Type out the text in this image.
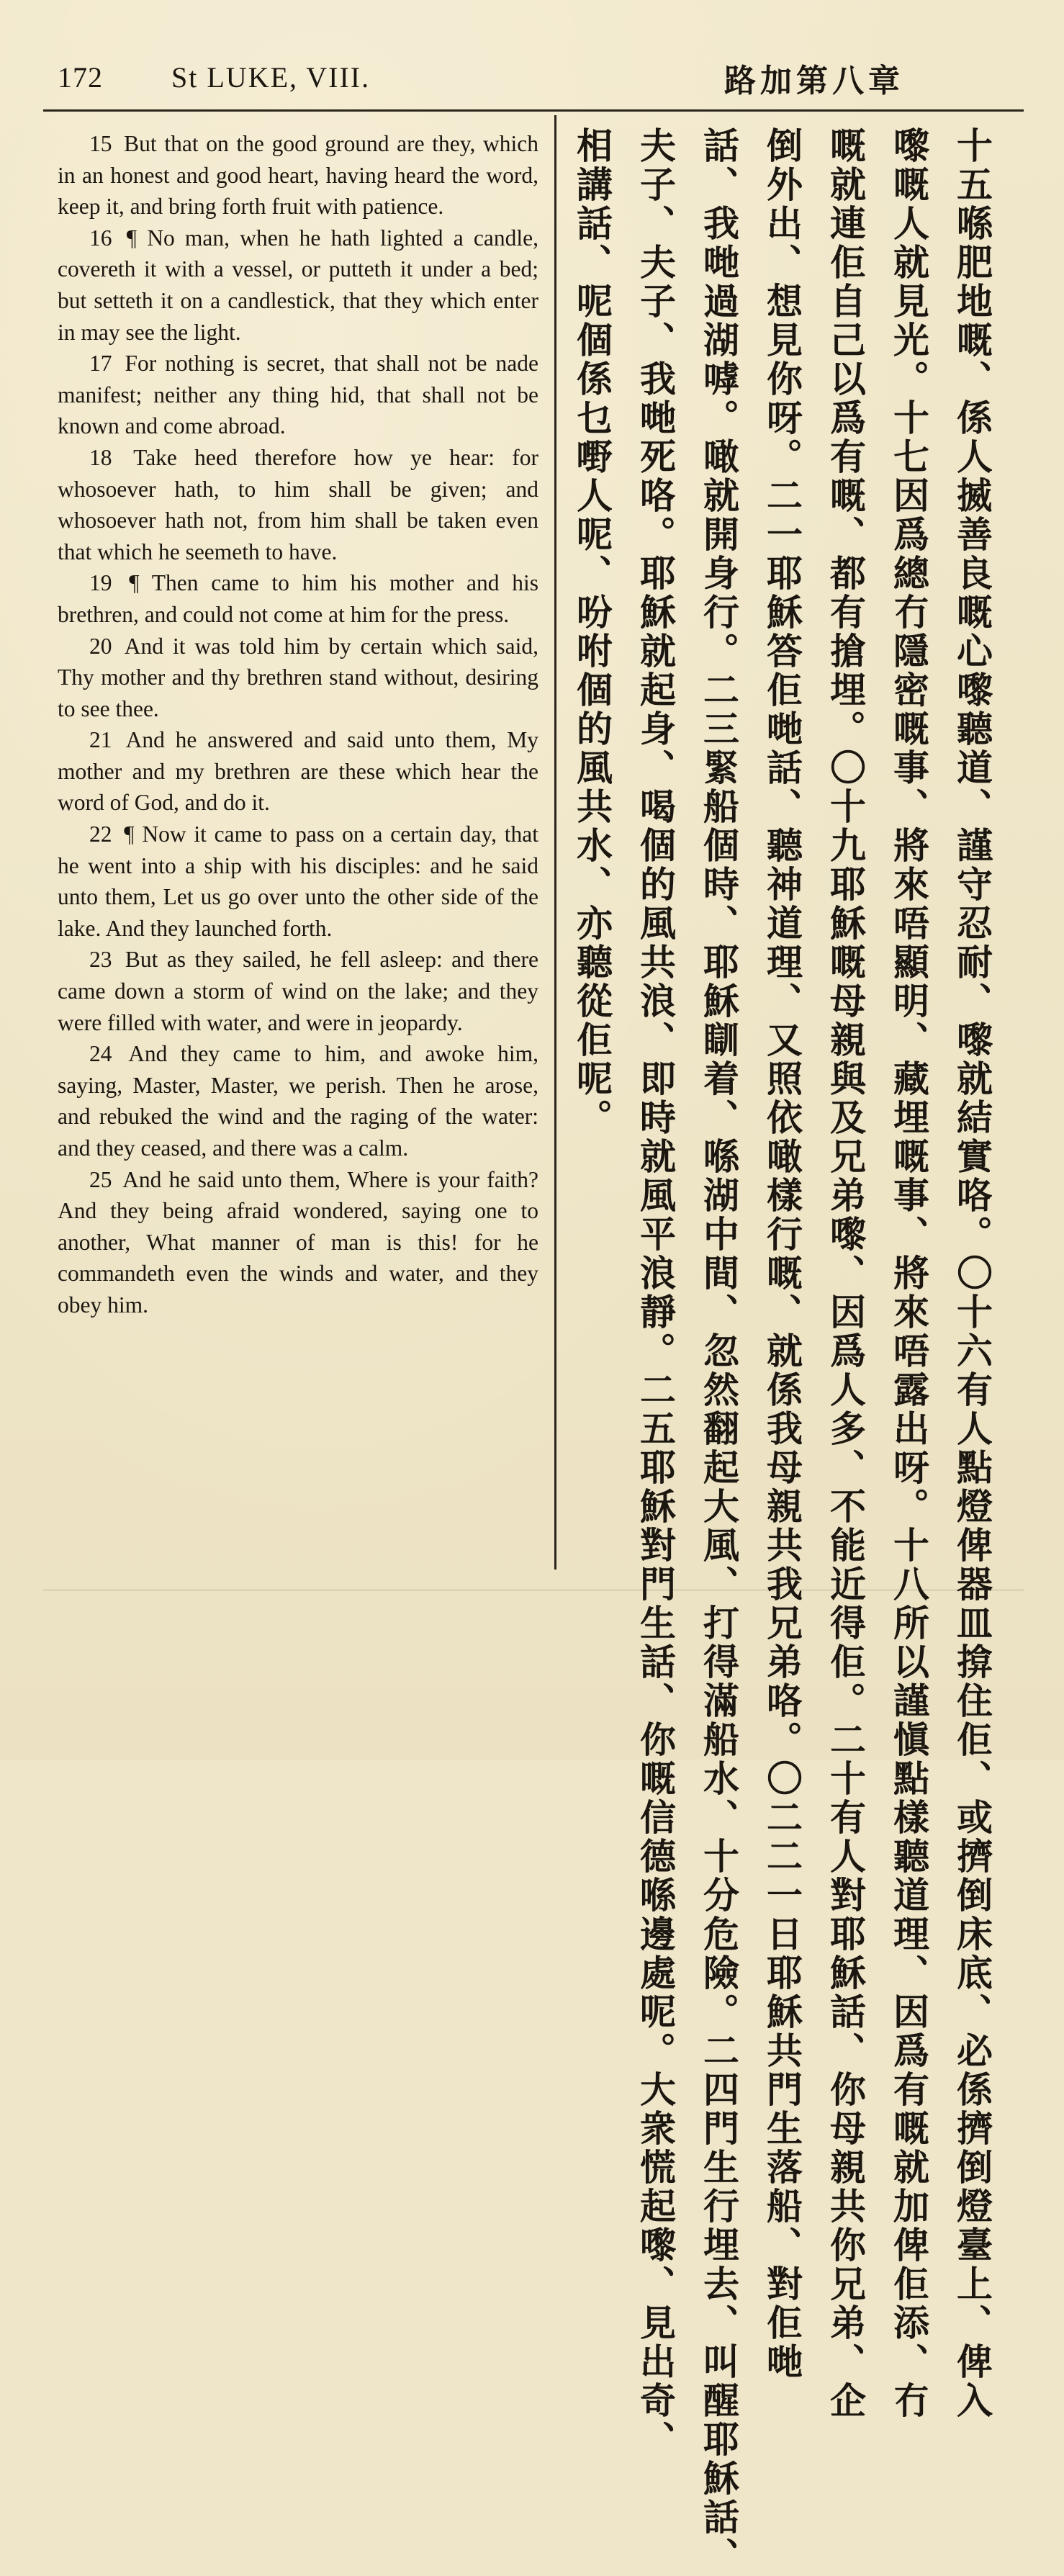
172 St LUKE, VIII.	路加第八章

15 But that on the good ground are they, which in an honest and good heart, having heard the word, keep it, and bring forth fruit with patience.

16 ¶ No man, when he hath lighted a candle, covereth it with a vessel, or putteth it under a bed; but setteth it on a candlestick, that they which enter in may see the light.

17 For nothing is secret, that shall not be nade manifest; neither any thing hid, that shall not be known and come abroad.

18 Take heed therefore how ye hear: for whosoever hath, to him shall be given; and whosoever hath not, from him shall be taken even that which he seemeth to have.

19 ¶ Then came to him his mother and his brethren, and could not come at him for the press.

20 And it was told him by certain which said, Thy mother and thy brethren stand without, desiring to see thee.

21 And he answered and said unto them, My mother and my brethren are these which hear the word of God, and do it.

22 ¶ Now it came to pass on a certain day, that he went into a ship with his disciples: and he said unto them, Let us go over unto the other side of the lake. And they launched forth.

23 But as they sailed, he fell asleep: and there came down a storm of wind on the lake; and they were filled with water, and were in jeopardy.

24 And they came to him, and awoke him, saying, Master, Master, we perish. Then he arose, and rebuked the wind and the raging of the water: and they ceased, and there was a calm.

25 And he said unto them, Where is your faith? And they being afraid wondered, saying one to another, What manner of man is this! for he commandeth even the winds and water, and they obey him.	十五喺肥地嘅、係人揻善良嘅心嚟聽道、謹守忍耐、嚟就結實咯。〇十六有人點燈俾器皿揜住佢、或擠倒床底、必係擠倒燈臺上、俾入
嚟嘅人就見光。十七因爲總冇隱密嘅事、將來唔顯明、藏埋嘅事、將來唔露出呀。十八所以謹愼點樣聽道理、因爲有嘅就加俾佢添、冇
嘅就連佢自己以爲有嘅、都有搶埋。〇十九耶穌嘅母親與及兄弟嚟、因爲人多、不能近得佢。二十有人對耶穌話、你母親共你兄弟、企
倒外出、想見你呀。二一耶穌答佢哋話、聽神道理、又照依噉樣行嘅、就係我母親共我兄弟咯。〇二二一日耶穌共門生落船、對佢哋
話、我哋過湖嘑。噉就開身行。二三緊船個時、耶穌瞓着、喺湖中間、忽然翻起大風、打得滿船水、十分危險。二四門生行埋去、叫醒耶穌話、
夫子、夫子、我哋死咯。耶穌就起身、喝個的風共浪、即時就風平浪靜。二五耶穌對門生話、你嘅信德喺邊處呢。大衆慌起嚟、見出奇、
相講話、呢個係乜嘢人呢、吩咐個的風共水、亦聽從佢呢。
